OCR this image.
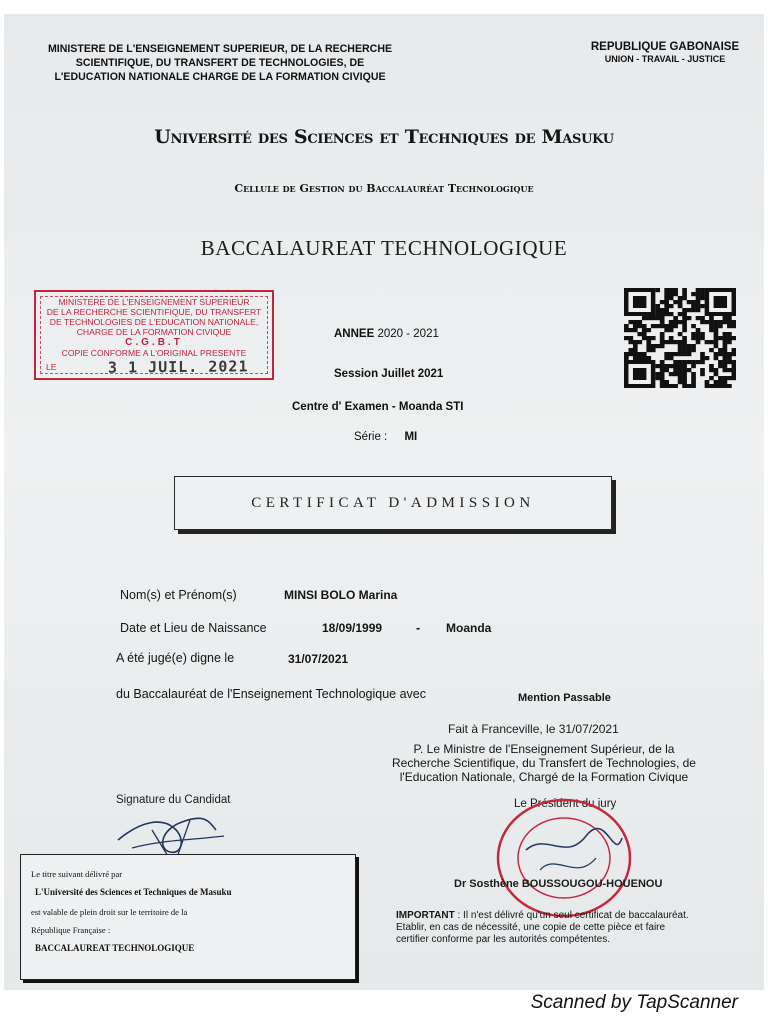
MINISTERE DE L'ENSEIGNEMENT SUPERIEUR, DE LA RECHERCHE
SCIENTIFIQUE, DU TRANSFERT DE TECHNOLOGIES, DE
L'EDUCATION NATIONALE CHARGE DE LA FORMATION CIVIQUE
REPUBLIQUE GABONAISE
UNION - TRAVAIL - JUSTICE
Université des Sciences et Techniques de Masuku
Cellule de Gestion du Baccalauréat Technologique
BACCALAUREAT TECHNOLOGIQUE
MINISTERE DE L'ENSEIGNEMENT SUPERIEUR
DE LA RECHERCHE SCIENTIFIQUE, DU TRANSFERT
DE TECHNOLOGIES DE L'EDUCATION NATIONALE,
CHARGE DE LA FORMATION CIVIQUE
C.G.B.T
COPIE CONFORME A L'ORIGINAL PRESENTE
LE	3 1 JUIL. 2021
ANNEE 2020 - 2021
Session Juillet 2021
Centre d' Examen - Moanda STI
Série : MI
CERTIFICAT D'ADMISSION
Nom(s) et Prénom(s)	MINSI BOLO Marina
Date et Lieu de Naissance	18/09/1999	- Moanda
A été jugé(e) digne le	31/07/2021
du Baccalauréat de l'Enseignement Technologique avec	Mention Passable
Fait à Franceville, le 31/07/2021
P. Le Ministre de l'Enseignement Supérieur, de la
Recherche Scientifique, du Transfert de Technologies, de
l'Education Nationale, Chargé de la Formation Civique
Signature du Candidat	Le Président du jury
Dr Sosthène BOUSSOUGOU-HOUENOU
Le titre suivant délivré par
L'Université des Sciences et Techniques de Masuku
est valable de plein droit sur le territoire de la
République Française :
BACCALAUREAT TECHNOLOGIQUE
IMPORTANT : Il n'est délivré qu'un seul certificat de baccalauréat. Etablir, en cas de nécessité, une copie de cette pièce et faire certifier conforme par les autorités compétentes.
Scanned by TapScanner
